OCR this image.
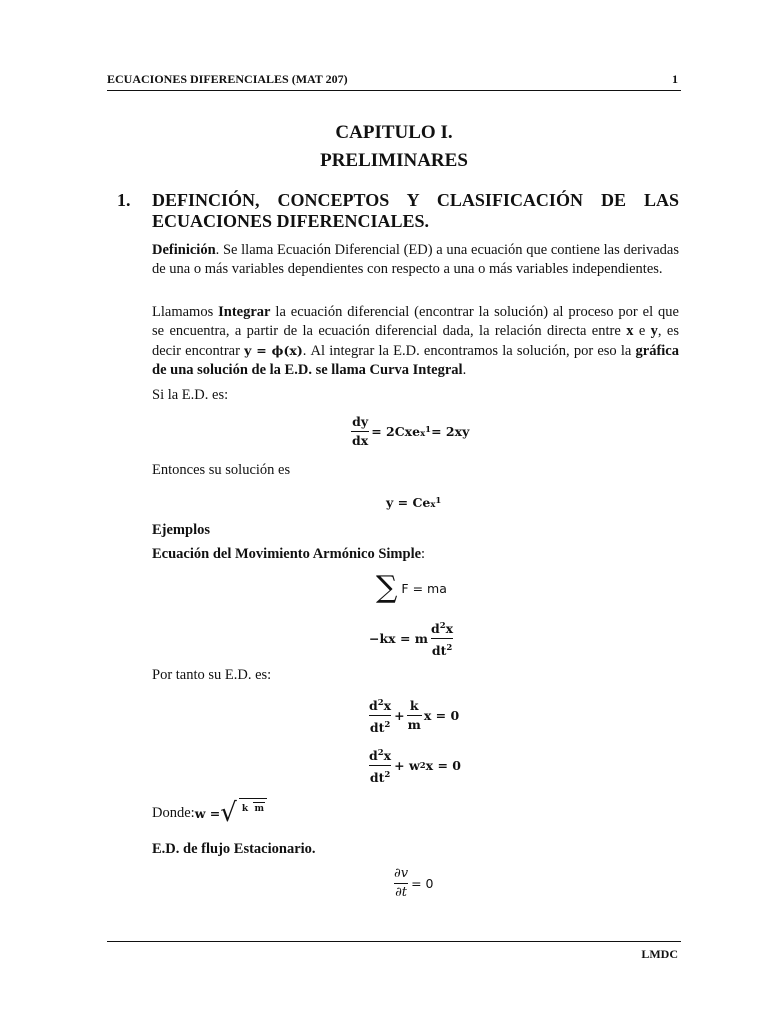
ECUACIONES DIFERENCIALES (MAT 207)	1
CAPITULO I.
PRELIMINARES
1. DEFINCIÓN, CONCEPTOS Y CLASIFICACIÓN DE LAS ECUACIONES DIFERENCIALES.
Definición. Se llama Ecuación Diferencial (ED) a una ecuación que contiene las derivadas de una o más variables dependientes con respecto a una o más variables independientes.
Llamamos Integrar la ecuación diferencial (encontrar la solución) al proceso por el que se encuentra, a partir de la ecuación diferencial dada, la relación directa entre x e y, es decir encontrar y = ϕ(x). Al integrar la E.D. encontramos la solución, por eso la gráfica de una solución de la E.D. se llama Curva Integral.
Si la E.D. es:
$\frac{dy}{dx} = 2Cxe$ $x^1 = 2xy$
Entonces su solución es
y = Ce $x^1$
Ejemplos
Ecuación del Movimiento Armónico Simple:
∑ F = ma
−kx = m $\frac{d^2x}{dt^2}$
Por tanto su E.D. es:
$\frac{d^2x}{dt^2} + \frac{k}{m}$ x = 0
$\frac{d^2x}{dt^2} + w$ 2 x = 0
Donde: w = √ k m
E.D. de flujo Estacionario.
$\frac{\partial v}{\partial t} = 0$
LMDC
